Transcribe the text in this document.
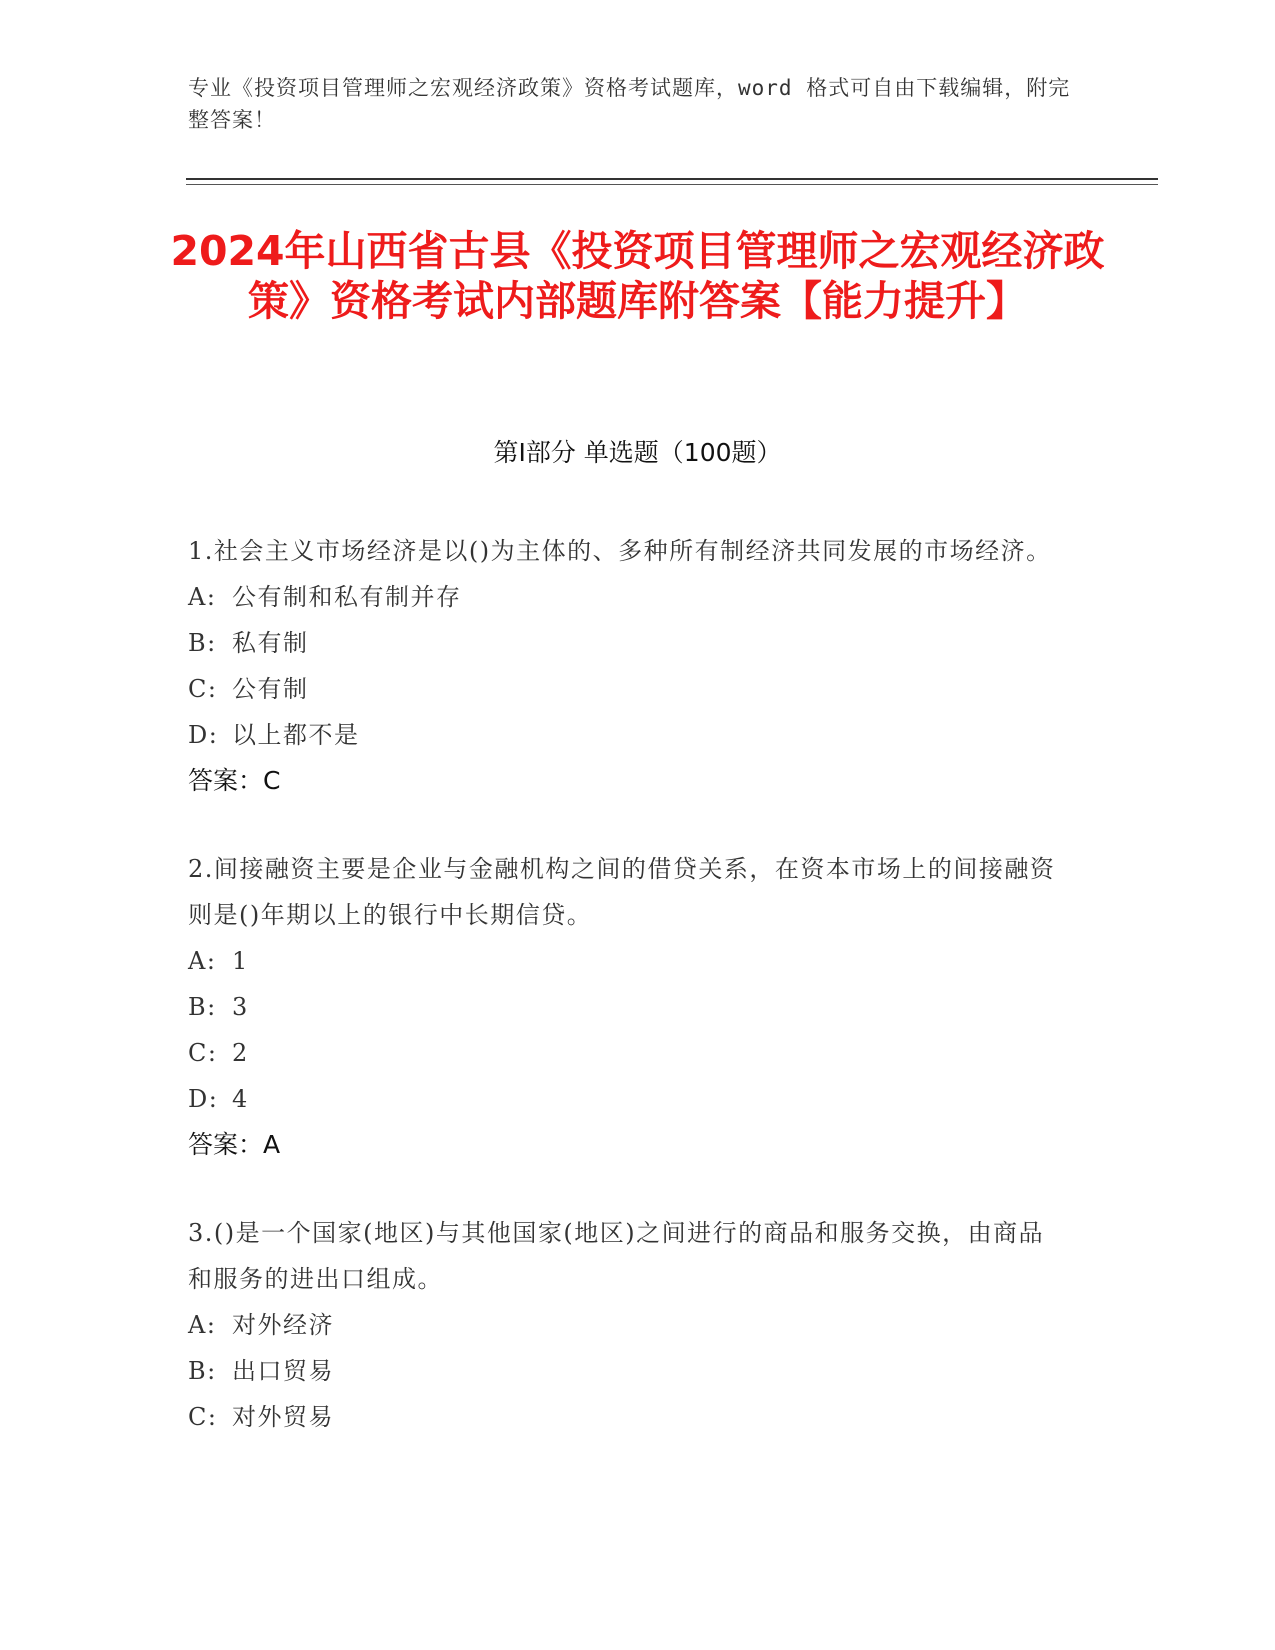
专业《投资项目管理师之宏观经济政策》资格考试题库，word 格式可自由下载编辑，附完整答案！
2024年山西省古县《投资项目管理师之宏观经济政策》资格考试内部题库附答案【能力提升】
第Ⅰ部分 单选题（100题）
1.社会主义市场经济是以()为主体的、多种所有制经济共同发展的市场经济。
A: 公有制和私有制并存
B: 私有制
C: 公有制
D: 以上都不是
答案：C
2.间接融资主要是企业与金融机构之间的借贷关系，在资本市场上的间接融资则是()年期以上的银行中长期信贷。
A: 1
B: 3
C: 2
D: 4
答案：A
3.()是一个国家(地区)与其他国家(地区)之间进行的商品和服务交换，由商品和服务的进出口组成。
A: 对外经济
B: 出口贸易
C: 对外贸易
